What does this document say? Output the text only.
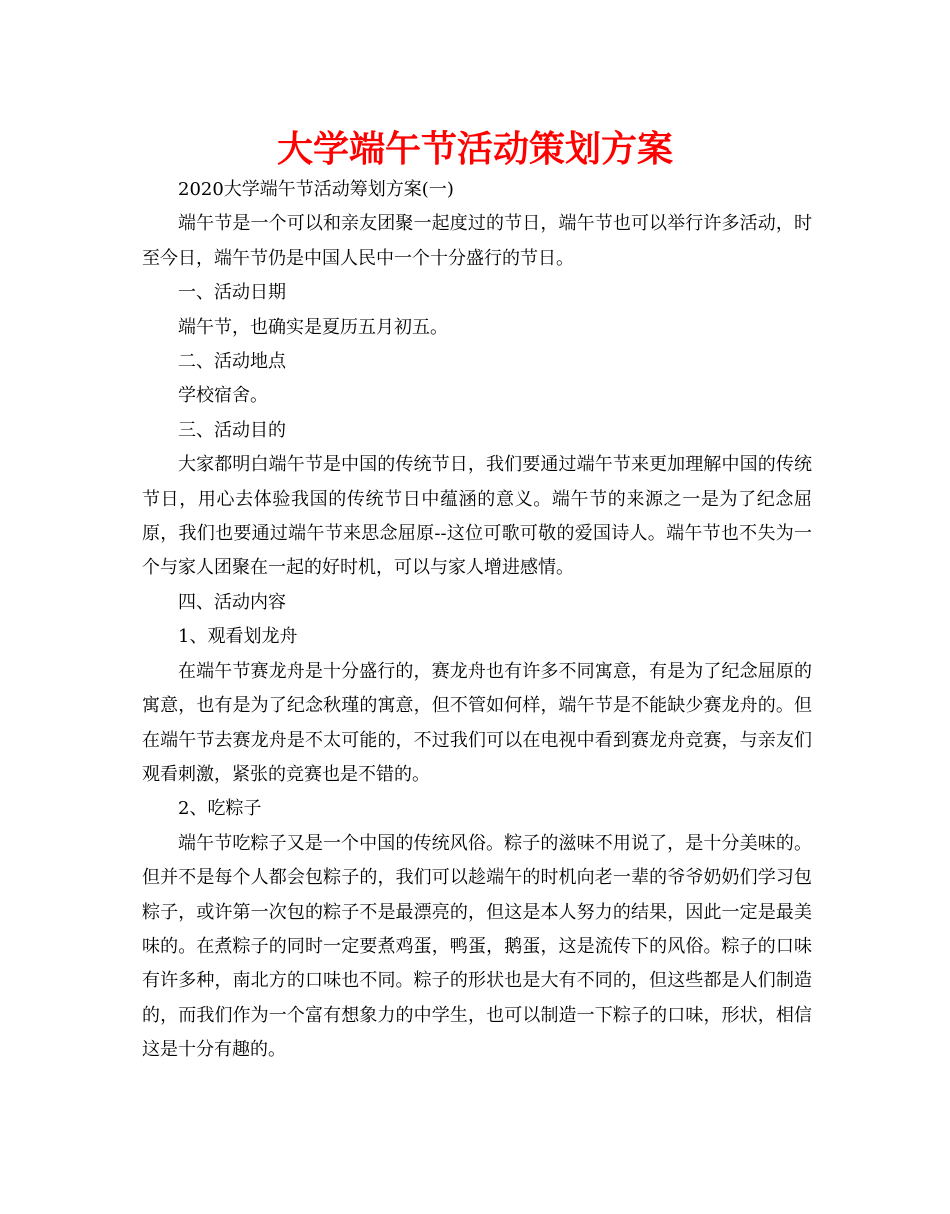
大学端午节活动策划方案

2020大学端午节活动筹划方案(一)

端午节是一个可以和亲友团聚一起度过的节日，端午节也可以举行许多活动，时至今日，端午节仍是中国人民中一个十分盛行的节日。

一、活动日期

端午节，也确实是夏历五月初五。

二、活动地点

学校宿舍。

三、活动目的

大家都明白端午节是中国的传统节日，我们要通过端午节来更加理解中国的传统节日，用心去体验我国的传统节日中蕴涵的意义。端午节的来源之一是为了纪念屈原，我们也要通过端午节来思念屈原--这位可歌可敬的爱国诗人。端午节也不失为一个与家人团聚在一起的好时机，可以与家人增进感情。

四、活动内容

1、观看划龙舟

在端午节赛龙舟是十分盛行的，赛龙舟也有许多不同寓意，有是为了纪念屈原的寓意，也有是为了纪念秋瑾的寓意，但不管如何样，端午节是不能缺少赛龙舟的。但在端午节去赛龙舟是不太可能的，不过我们可以在电视中看到赛龙舟竞赛，与亲友们观看刺激，紧张的竞赛也是不错的。

2、吃粽子

端午节吃粽子又是一个中国的传统风俗。粽子的滋味不用说了，是十分美味的。但并不是每个人都会包粽子的，我们可以趁端午的时机向老一辈的爷爷奶奶们学习包粽子，或许第一次包的粽子不是最漂亮的，但这是本人努力的结果，因此一定是最美味的。在煮粽子的同时一定要煮鸡蛋，鸭蛋，鹅蛋，这是流传下的风俗。粽子的口味有许多种，南北方的口味也不同。粽子的形状也是大有不同的，但这些都是人们制造的，而我们作为一个富有想象力的中学生，也可以制造一下粽子的口味，形状，相信这是十分有趣的。
